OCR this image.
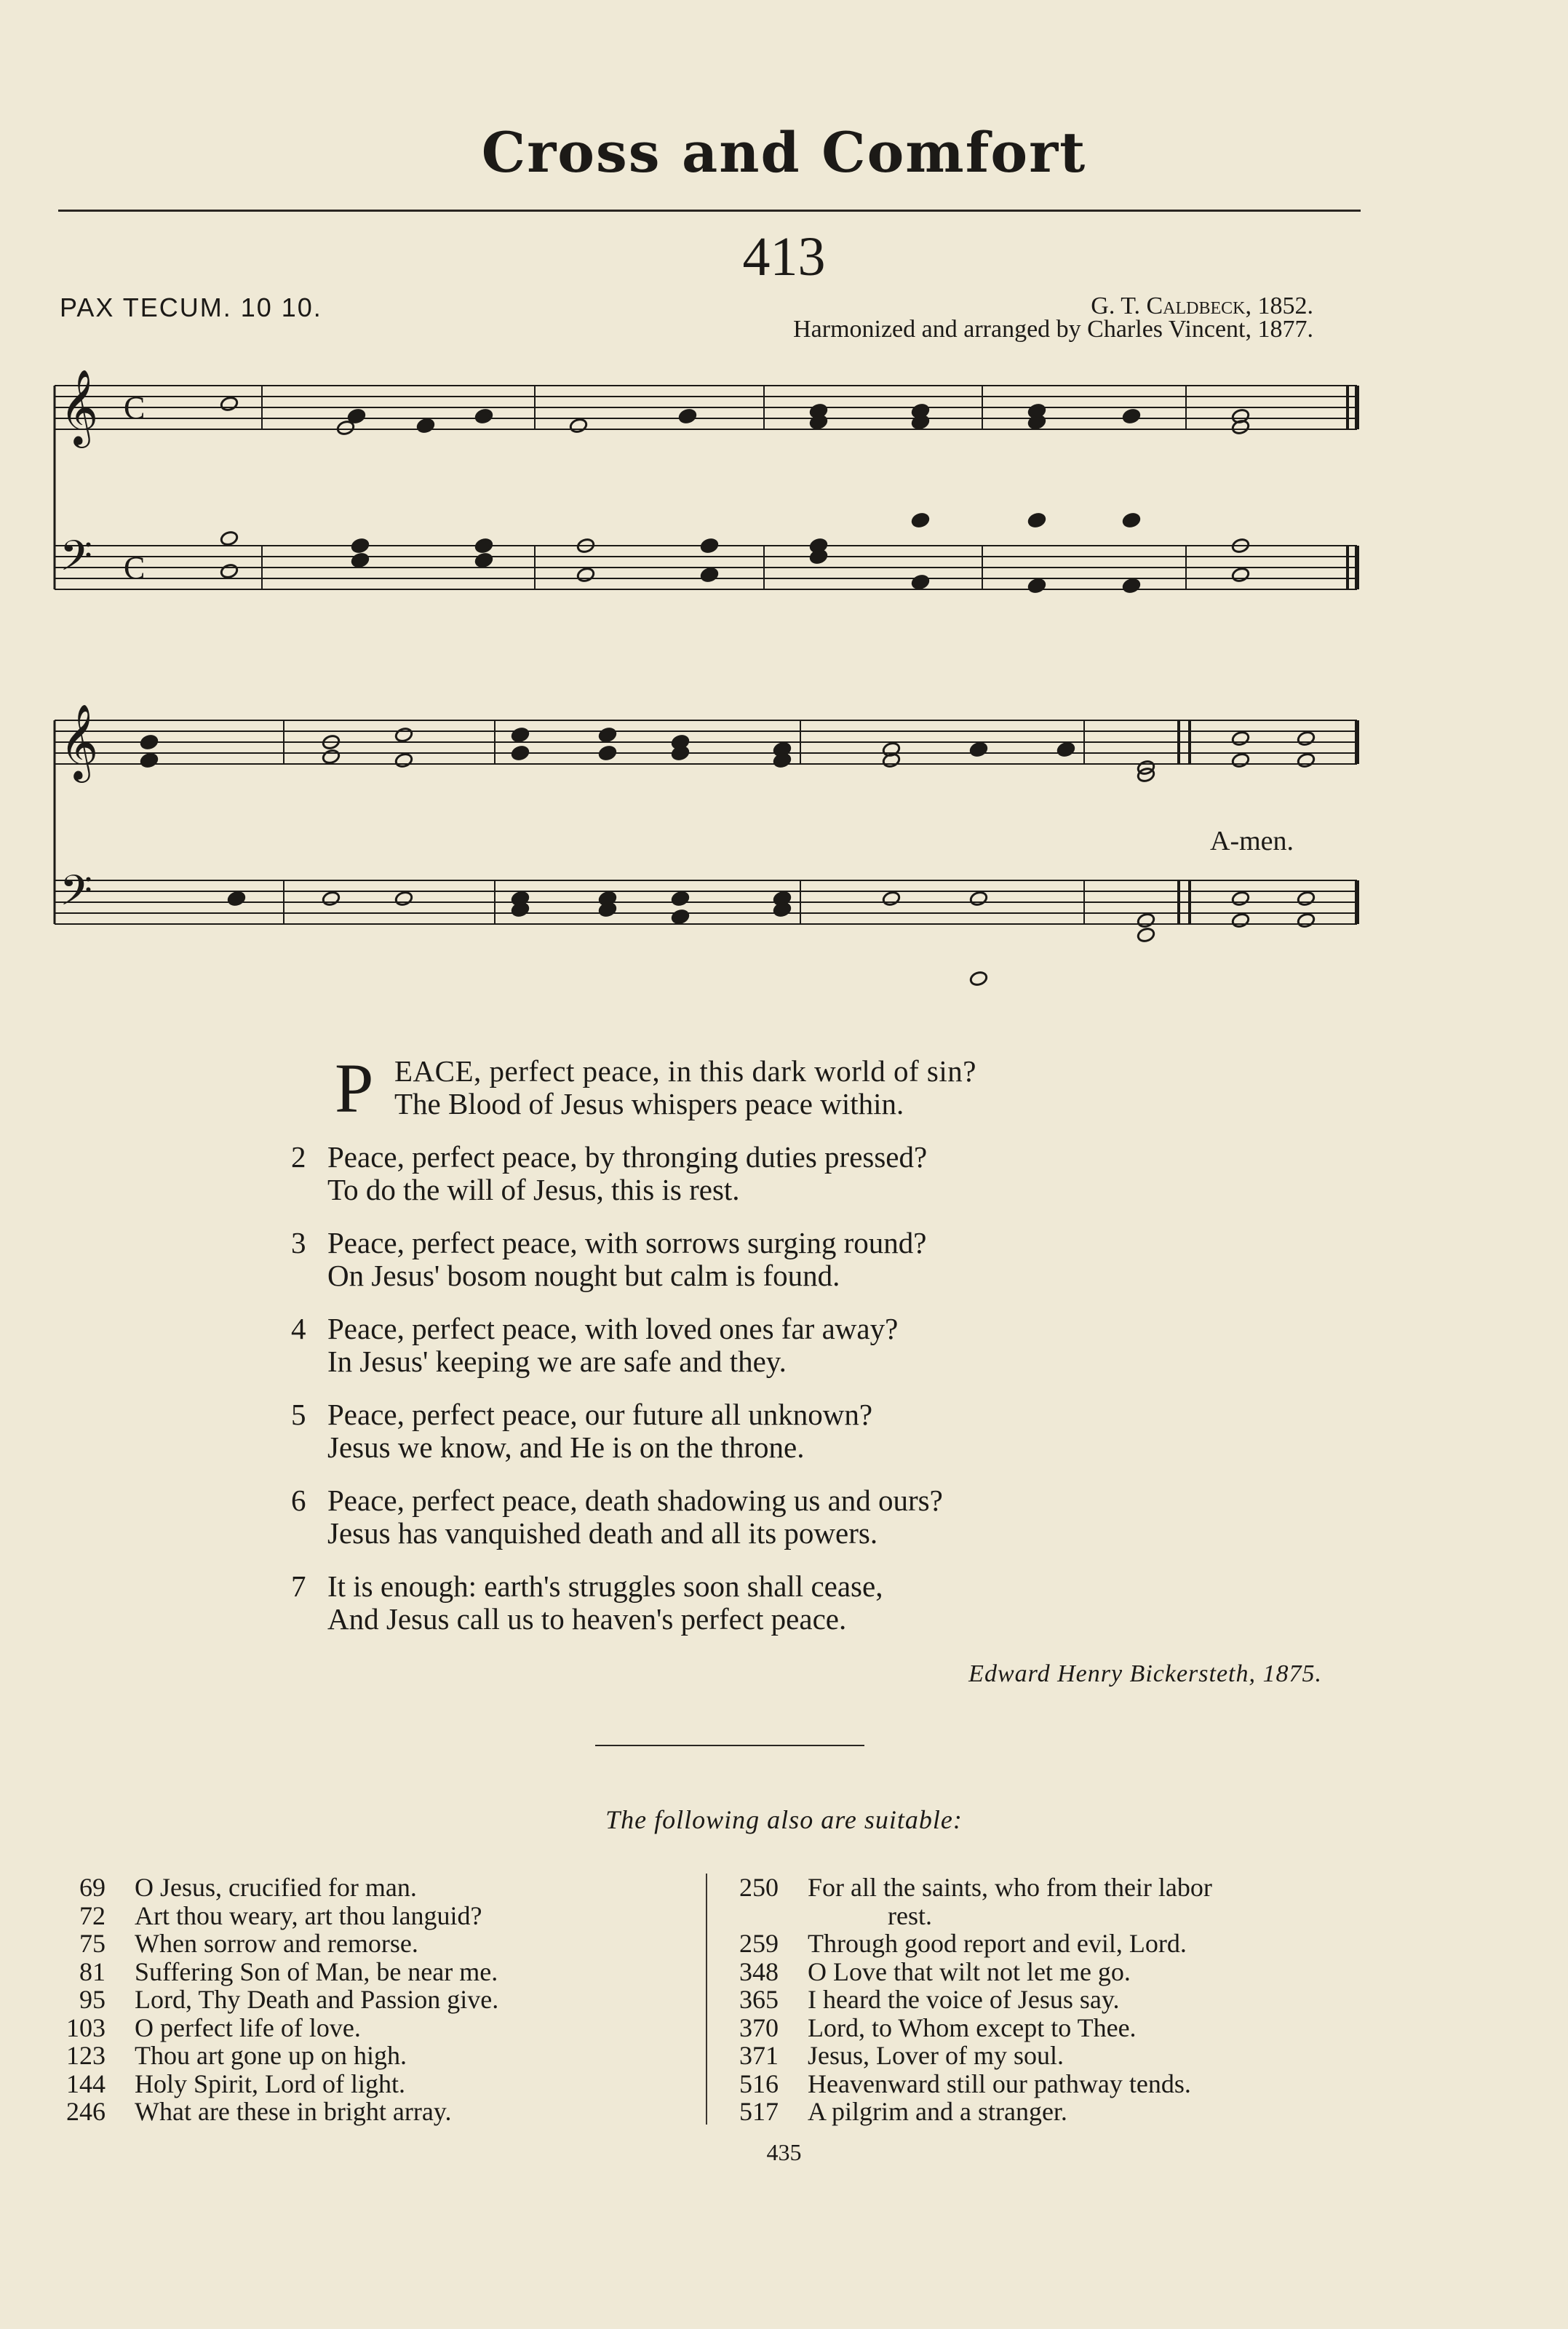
Cross and Comfort
413
PAX TECUM. 10 10.	G. T. Caldbeck, 1852.
Harmonized and arranged by Charles Vincent, 1877.
𝄞
𝄢
C
C
𝄞
𝄢
A-men.
P EACE, perfect peace, in this dark world of sin?
The Blood of Jesus whispers peace within.
2 Peace, perfect peace, by thronging duties pressed?
To do the will of Jesus, this is rest.
3 Peace, perfect peace, with sorrows surging round?
On Jesus' bosom nought but calm is found.
4 Peace, perfect peace, with loved ones far away?
In Jesus' keeping we are safe and they.
5 Peace, perfect peace, our future all unknown?
Jesus we know, and He is on the throne.
6 Peace, perfect peace, death shadowing us and ours?
Jesus has vanquished death and all its powers.
7 It is enough: earth's struggles soon shall cease,
And Jesus call us to heaven's perfect peace.
Edward Henry Bickersteth, 1875.
The following also are suitable:
69 O Jesus, crucified for man.
72 Art thou weary, art thou languid?
75 When sorrow and remorse.
81 Suffering Son of Man, be near me.
95 Lord, Thy Death and Passion give.
103 O perfect life of love.
123 Thou art gone up on high.
144 Holy Spirit, Lord of light.
246 What are these in bright array.
250 For all the saints, who from their labor
rest.
259 Through good report and evil, Lord.
348 O Love that wilt not let me go.
365 I heard the voice of Jesus say.
370 Lord, to Whom except to Thee.
371 Jesus, Lover of my soul.
516 Heavenward still our pathway tends.
517 A pilgrim and a stranger.
435
